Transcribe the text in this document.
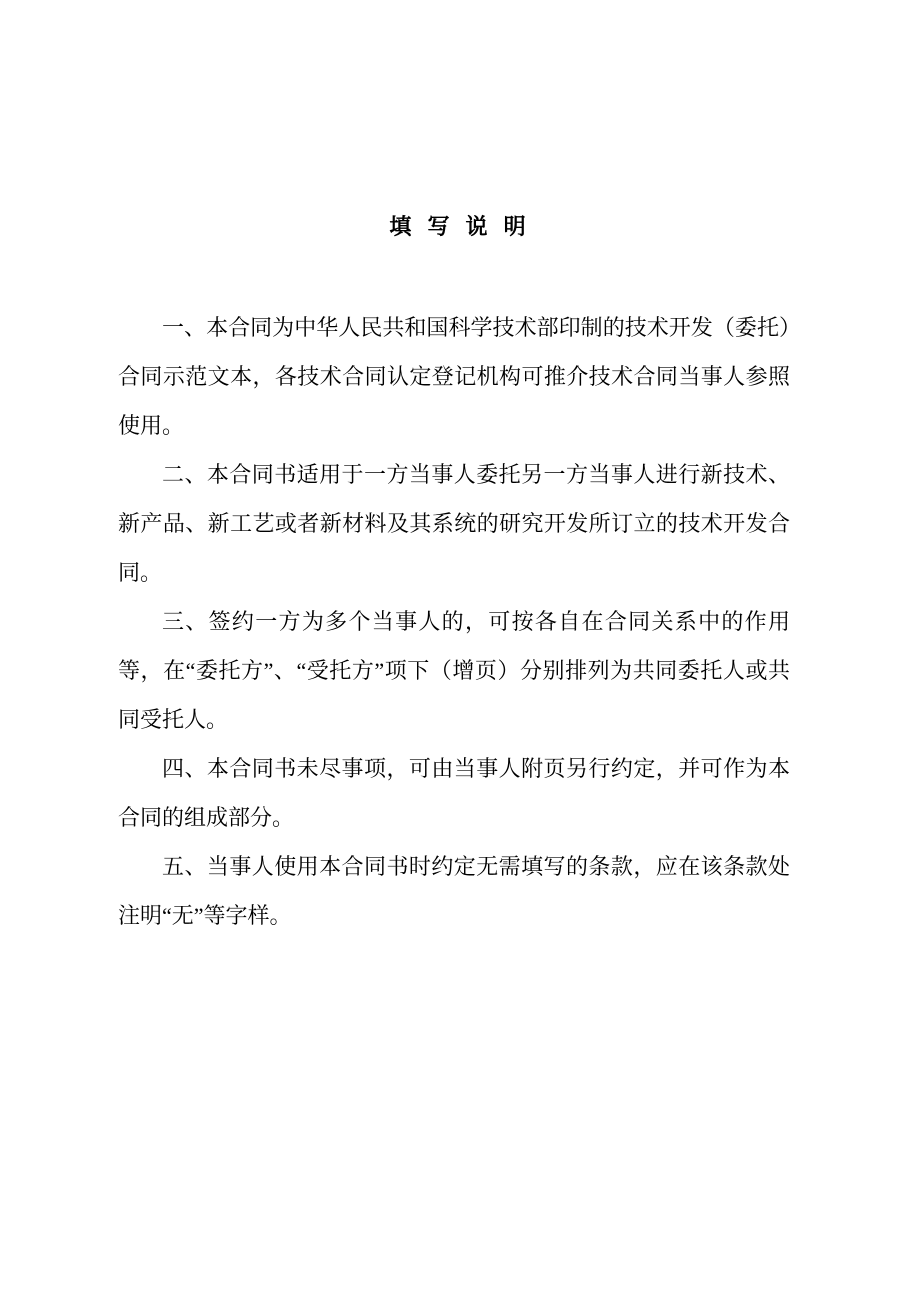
填 写 说 明

一、本合同为中华人民共和国科学技术部印制的技术开发（委托）合同示范文本，各技术合同认定登记机构可推介技术合同当事人参照使用。

二、本合同书适用于一方当事人委托另一方当事人进行新技术、新产品、新工艺或者新材料及其系统的研究开发所订立的技术开发合同。

三、签约一方为多个当事人的，可按各自在合同关系中的作用等，在“委托方”、“受托方”项下（增页）分别排列为共同委托人或共同受托人。

四、本合同书未尽事项，可由当事人附页另行约定，并可作为本合同的组成部分。

五、当事人使用本合同书时约定无需填写的条款，应在该条款处注明“无”等字样。
